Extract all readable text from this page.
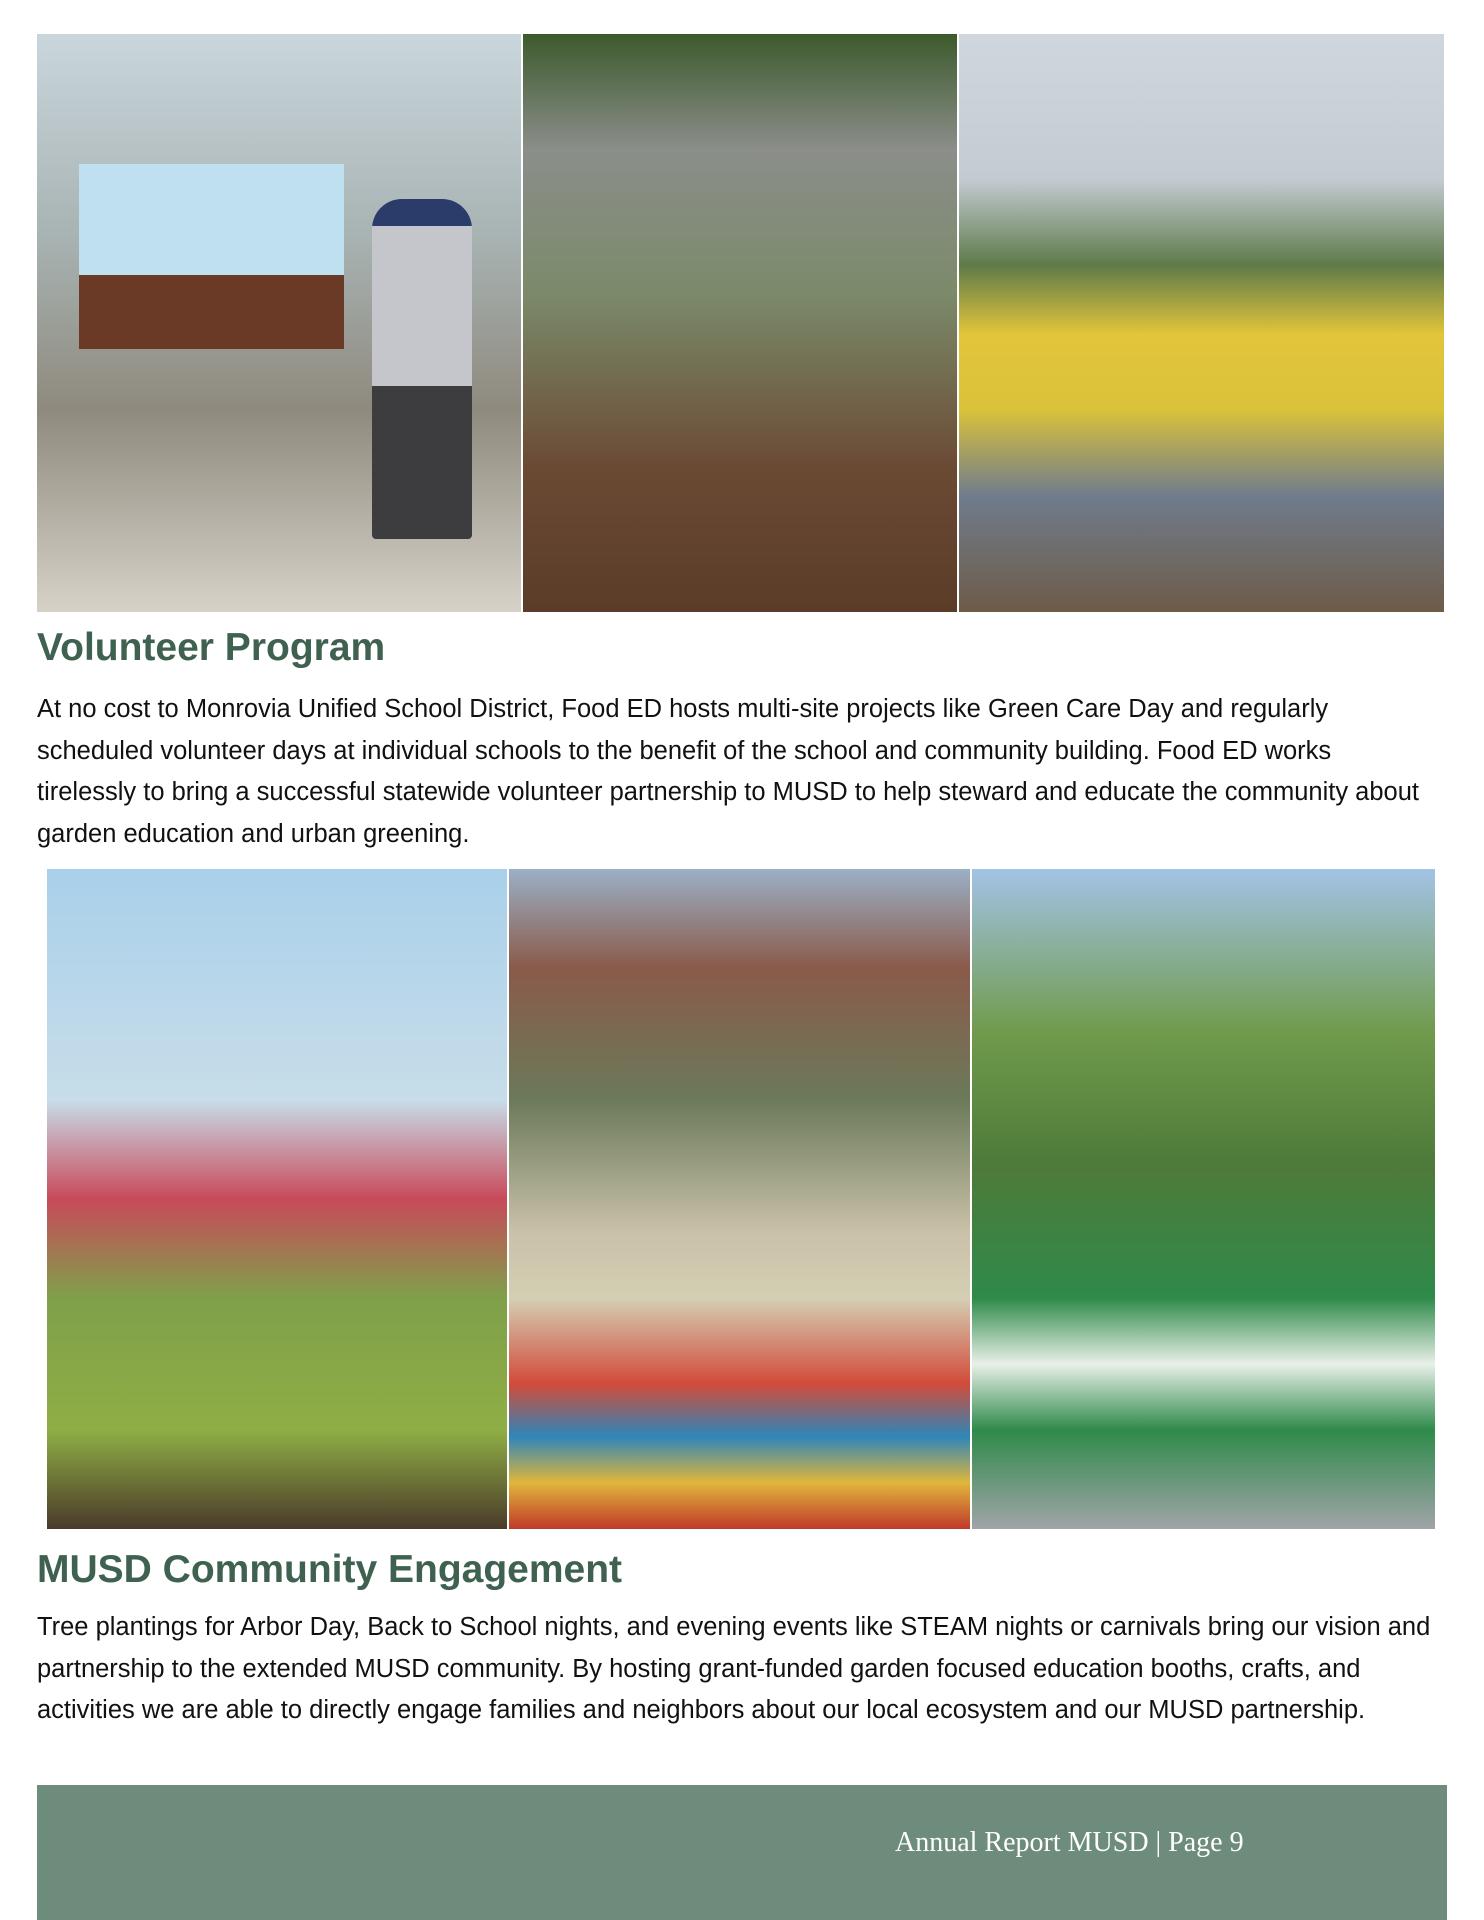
Volunteer Program

At no cost to Monrovia Unified School District, Food ED hosts multi-site projects like Green Care Day and regularly scheduled volunteer days at individual schools to the benefit of the school and community building. Food ED works tirelessly to bring a successful statewide volunteer partnership to MUSD to help steward and educate the community about garden education and urban greening.

MUSD Community Engagement

Tree plantings for Arbor Day, Back to School nights, and evening events like STEAM nights or carnivals bring our vision and partnership to the extended MUSD community. By hosting grant-funded garden focused education booths, crafts, and activities we are able to directly engage families and neighbors about our local ecosystem and our MUSD partnership.

Annual Report MUSD | Page 9
